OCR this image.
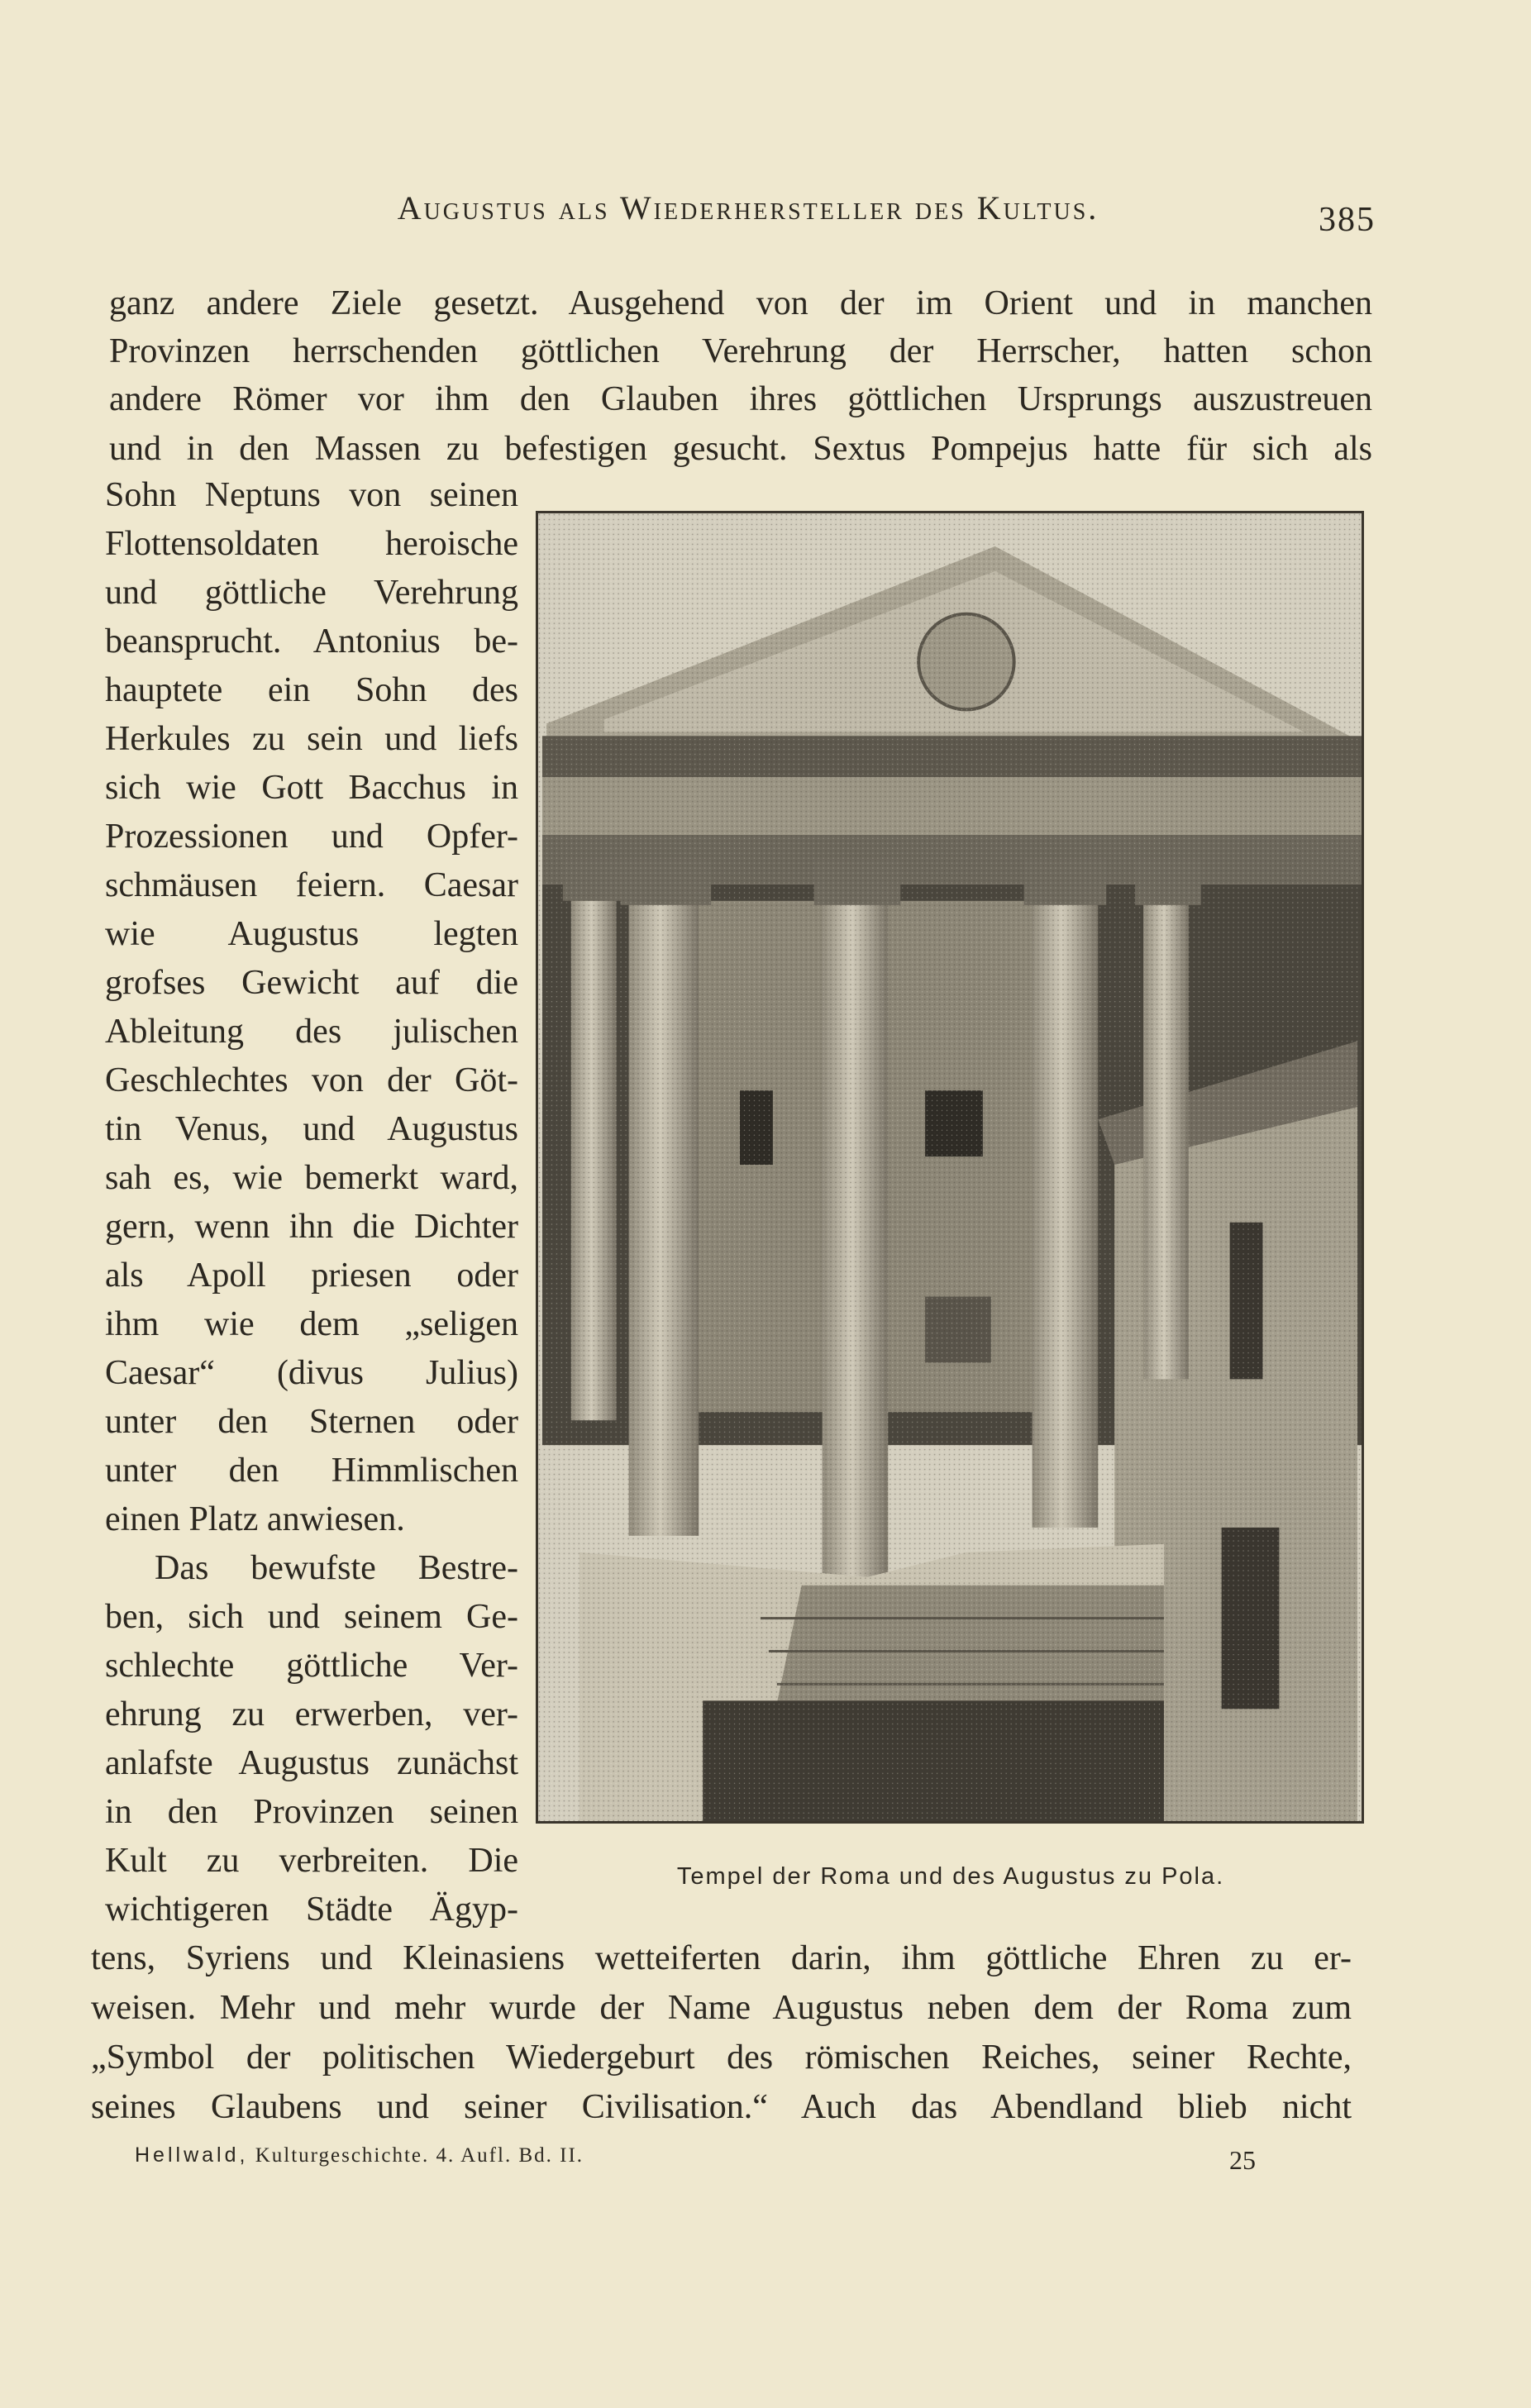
Augustus als Wiederhersteller des Kultus.	385
ganz andere Ziele gesetzt. Ausgehend von der im Orient und in manchen
Provinzen herrschenden göttlichen Verehrung der Herrscher, hatten schon
andere Römer vor ihm den Glauben ihres göttlichen Ursprungs auszustreuen
und in den Massen zu befestigen gesucht. Sextus Pompejus hatte für sich als
Sohn Neptuns von seinen
Flottensoldaten heroische
und göttliche Verehrung
beansprucht. Antonius be-
hauptete ein Sohn des
Herkules zu sein und liefs
sich wie Gott Bacchus in
Prozessionen und Opfer-
schmäusen feiern. Caesar
wie Augustus legten
grofses Gewicht auf die
Ableitung des julischen
Geschlechtes von der Göt-
tin Venus, und Augustus
sah es, wie bemerkt ward,
gern, wenn ihn die Dichter
als Apoll priesen oder
ihm wie dem „seligen
Caesar“ (divus Julius)
unter den Sternen oder
unter den Himmlischen
einen Platz anwiesen.
Das bewufste Bestre-
ben, sich und seinem Ge-
schlechte göttliche Ver-
ehrung zu erwerben, ver-
anlafste Augustus zunächst
in den Provinzen seinen
Kult zu verbreiten. Die
wichtigeren Städte Ägyp-
Tempel der Roma und des Augustus zu Pola.
tens, Syriens und Kleinasiens wetteiferten darin, ihm göttliche Ehren zu er-
weisen. Mehr und mehr wurde der Name Augustus neben dem der Roma zum
„Symbol der politischen Wiedergeburt des römischen Reiches, seiner Rechte,
seines Glaubens und seiner Civilisation.“ Auch das Abendland blieb nicht
Hellwald, Kulturgeschichte. 4. Aufl. Bd. II.	25
